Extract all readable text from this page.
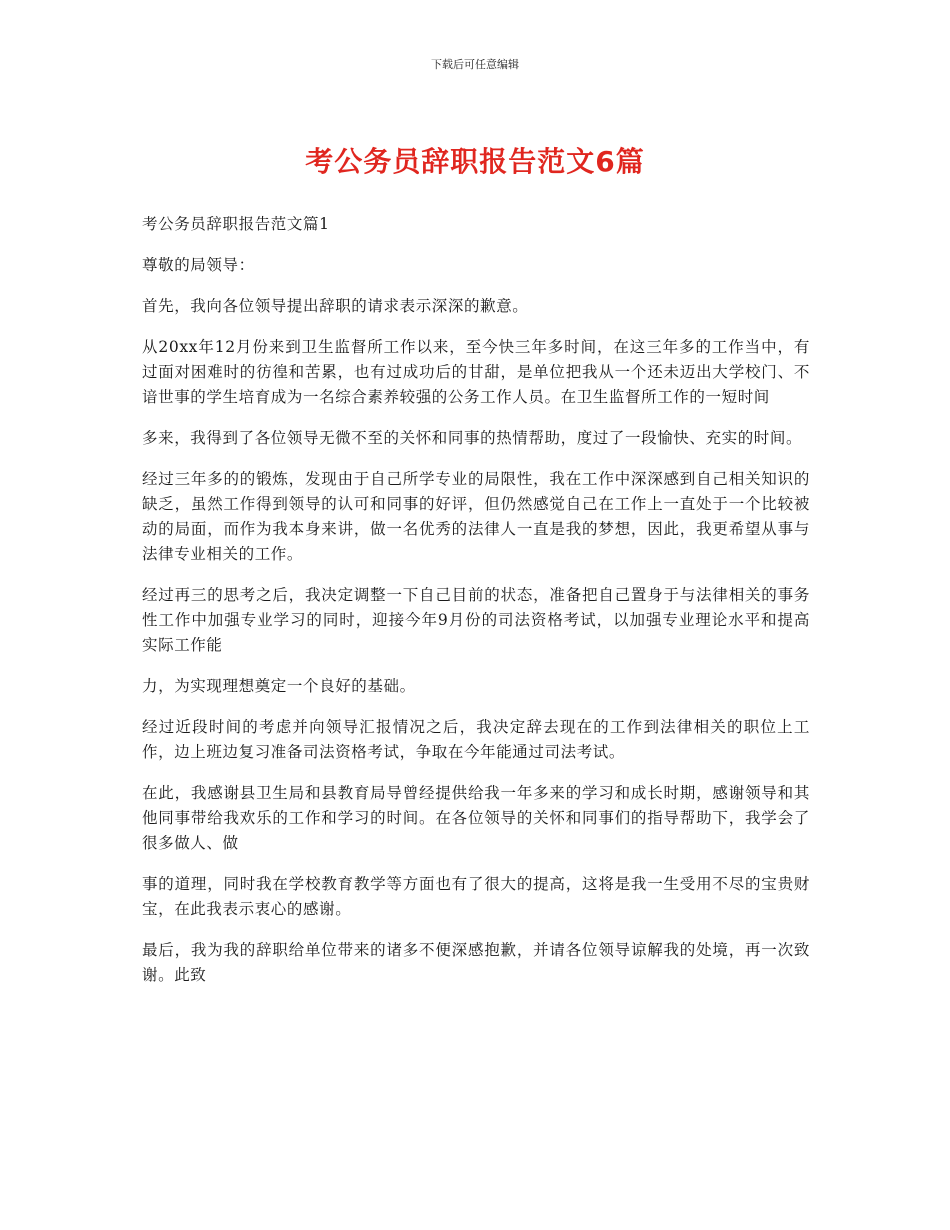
下载后可任意编辑
考公务员辞职报告范文6篇

考公务员辞职报告范文篇1

尊敬的局领导：

首先，我向各位领导提出辞职的请求表示深深的歉意。

从20xx年12月份来到卫生监督所工作以来，至今快三年多时间，在这三年多的工作当中，有过面对困难时的彷徨和苦累，也有过成功后的甘甜，是单位把我从一个还未迈出大学校门、不谙世事的学生培育成为一名综合素养较强的公务工作人员。在卫生监督所工作的一短时间

多来，我得到了各位领导无微不至的关怀和同事的热情帮助，度过了一段愉快、充实的时间。

经过三年多的的锻炼，发现由于自己所学专业的局限性，我在工作中深深感到自己相关知识的缺乏，虽然工作得到领导的认可和同事的好评，但仍然感觉自己在工作上一直处于一个比较被动的局面，而作为我本身来讲，做一名优秀的法律人一直是我的梦想，因此，我更希望从事与法律专业相关的工作。

经过再三的思考之后，我决定调整一下自己目前的状态，准备把自己置身于与法律相关的事务性工作中加强专业学习的同时，迎接今年9月份的司法资格考试，以加强专业理论水平和提高实际工作能

力，为实现理想奠定一个良好的基础。

经过近段时间的考虑并向领导汇报情况之后，我决定辞去现在的工作到法律相关的职位上工作，边上班边复习准备司法资格考试，争取在今年能通过司法考试。

在此，我感谢县卫生局和县教育局导曾经提供给我一年多来的学习和成长时期，感谢领导和其他同事带给我欢乐的工作和学习的时间。在各位领导的关怀和同事们的指导帮助下，我学会了很多做人、做

事的道理，同时我在学校教育教学等方面也有了很大的提高，这将是我一生受用不尽的宝贵财宝，在此我表示衷心的感谢。

最后，我为我的辞职给单位带来的诸多不便深感抱歉，并请各位领导谅解我的处境，再一次致谢。此致
